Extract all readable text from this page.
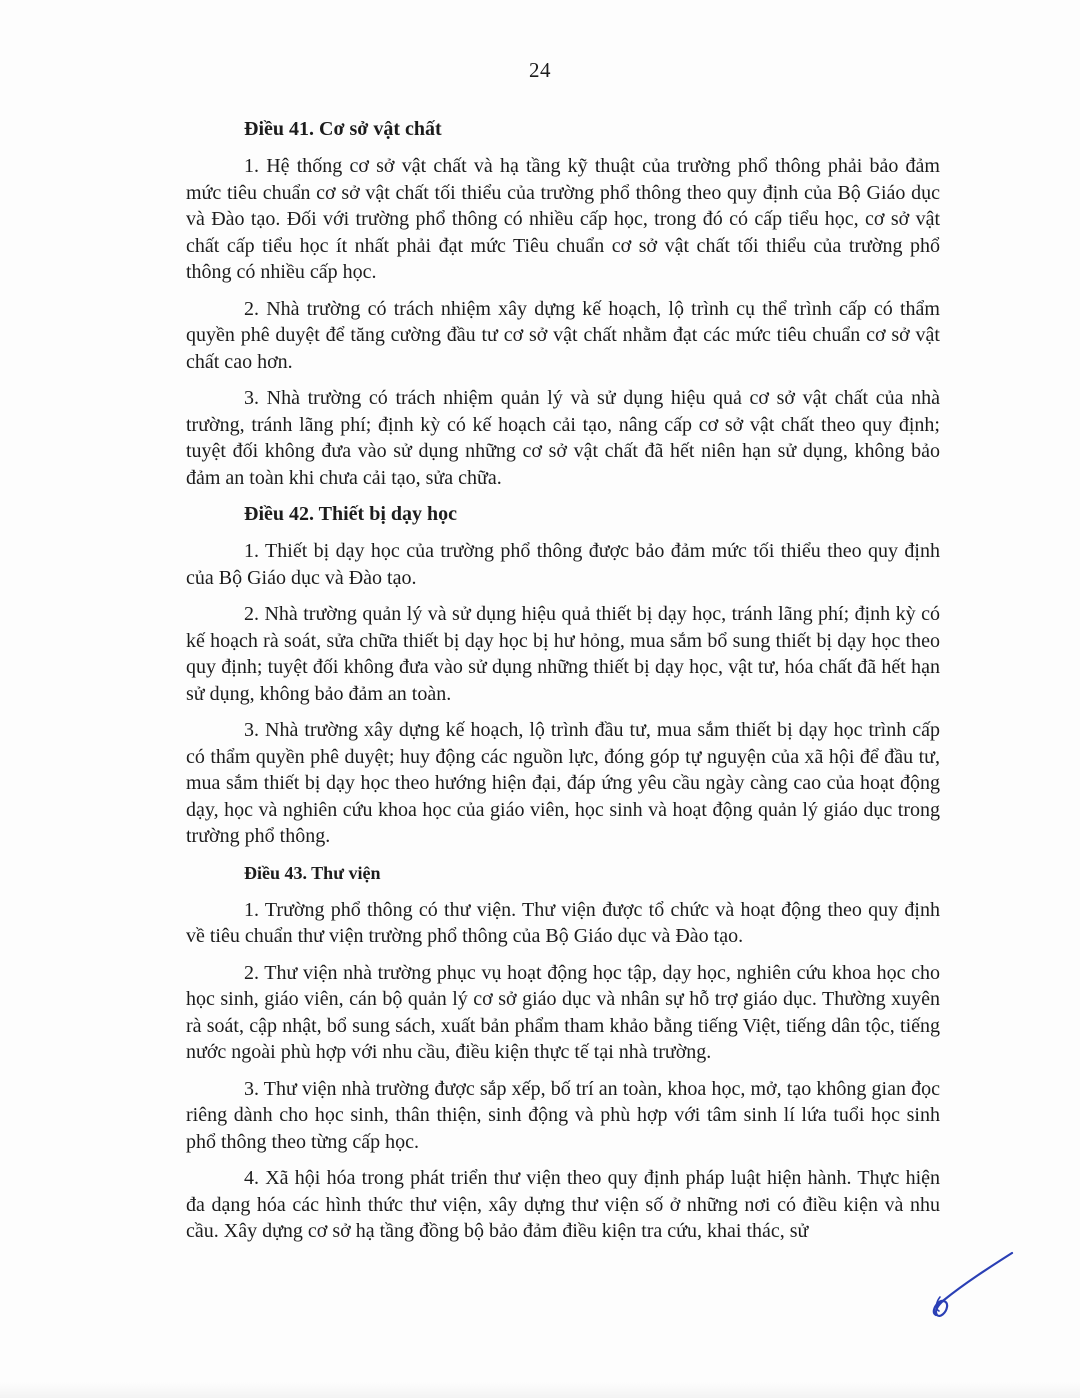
24
Điều 41. Cơ sở vật chất

1. Hệ thống cơ sở vật chất và hạ tầng kỹ thuật của trường phổ thông phải bảo đảm mức tiêu chuẩn cơ sở vật chất tối thiểu của trường phổ thông theo quy định của Bộ Giáo dục và Đào tạo. Đối với trường phổ thông có nhiều cấp học, trong đó có cấp tiểu học, cơ sở vật chất cấp tiểu học ít nhất phải đạt mức Tiêu chuẩn cơ sở vật chất tối thiểu của trường phổ thông có nhiều cấp học.

2. Nhà trường có trách nhiệm xây dựng kế hoạch, lộ trình cụ thể trình cấp có thẩm quyền phê duyệt để tăng cường đầu tư cơ sở vật chất nhằm đạt các mức tiêu chuẩn cơ sở vật chất cao hơn.

3. Nhà trường có trách nhiệm quản lý và sử dụng hiệu quả cơ sở vật chất của nhà trường, tránh lãng phí; định kỳ có kế hoạch cải tạo, nâng cấp cơ sở vật chất theo quy định; tuyệt đối không đưa vào sử dụng những cơ sở vật chất đã hết niên hạn sử dụng, không bảo đảm an toàn khi chưa cải tạo, sửa chữa.

Điều 42. Thiết bị dạy học

1. Thiết bị dạy học của trường phổ thông được bảo đảm mức tối thiểu theo quy định của Bộ Giáo dục và Đào tạo.

2. Nhà trường quản lý và sử dụng hiệu quả thiết bị dạy học, tránh lãng phí; định kỳ có kế hoạch rà soát, sửa chữa thiết bị dạy học bị hư hỏng, mua sắm bổ sung thiết bị dạy học theo quy định; tuyệt đối không đưa vào sử dụng những thiết bị dạy học, vật tư, hóa chất đã hết hạn sử dụng, không bảo đảm an toàn.

3. Nhà trường xây dựng kế hoạch, lộ trình đầu tư, mua sắm thiết bị dạy học trình cấp có thẩm quyền phê duyệt; huy động các nguồn lực, đóng góp tự nguyện của xã hội để đầu tư, mua sắm thiết bị dạy học theo hướng hiện đại, đáp ứng yêu cầu ngày càng cao của hoạt động dạy, học và nghiên cứu khoa học của giáo viên, học sinh và hoạt động quản lý giáo dục trong trường phổ thông.

Điều 43. Thư viện

1. Trường phổ thông có thư viện. Thư viện được tổ chức và hoạt động theo quy định về tiêu chuẩn thư viện trường phổ thông của Bộ Giáo dục và Đào tạo.

2. Thư viện nhà trường phục vụ hoạt động học tập, dạy học, nghiên cứu khoa học cho học sinh, giáo viên, cán bộ quản lý cơ sở giáo dục và nhân sự hỗ trợ giáo dục. Thường xuyên rà soát, cập nhật, bổ sung sách, xuất bản phẩm tham khảo bằng tiếng Việt, tiếng dân tộc, tiếng nước ngoài phù hợp với nhu cầu, điều kiện thực tế tại nhà trường.

3. Thư viện nhà trường được sắp xếp, bố trí an toàn, khoa học, mở, tạo không gian đọc riêng dành cho học sinh, thân thiện, sinh động và phù hợp với tâm sinh lí lứa tuổi học sinh phổ thông theo từng cấp học.

4. Xã hội hóa trong phát triển thư viện theo quy định pháp luật hiện hành. Thực hiện đa dạng hóa các hình thức thư viện, xây dựng thư viện số ở những nơi có điều kiện và nhu cầu. Xây dựng cơ sở hạ tầng đồng bộ bảo đảm điều kiện tra cứu, khai thác, sử
